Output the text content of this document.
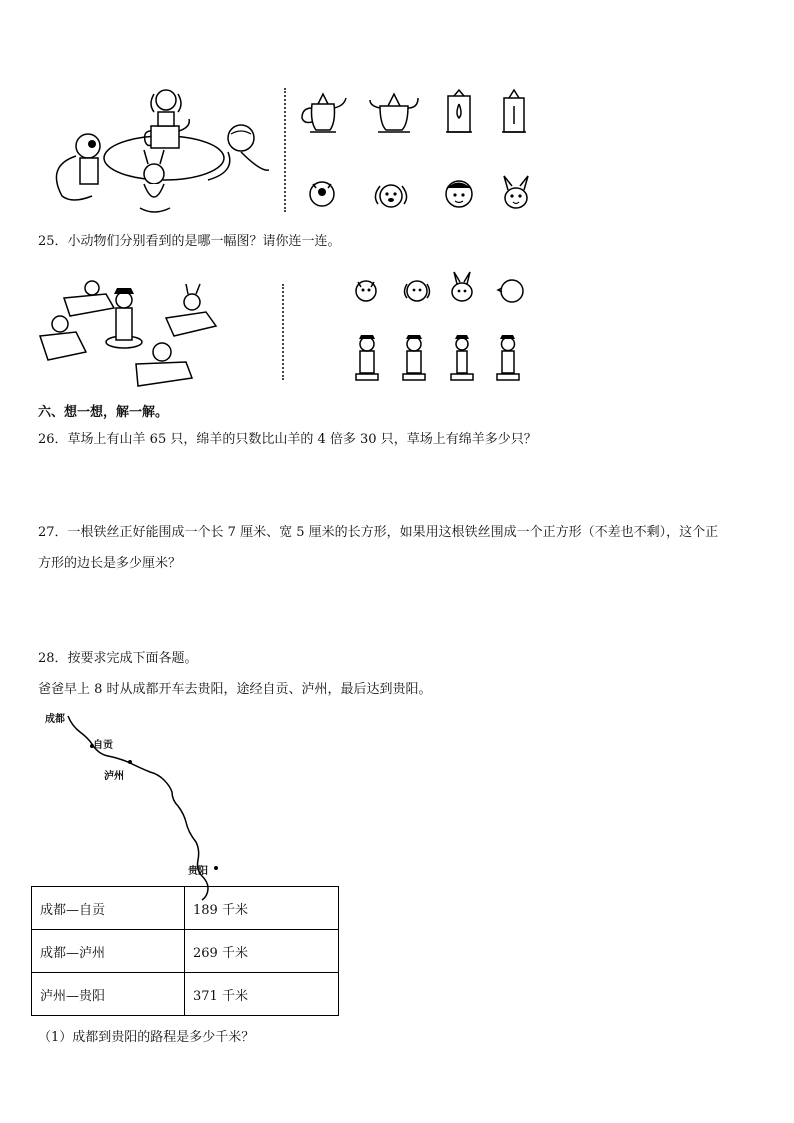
25．小动物们分别看到的是哪一幅图？请你连一连。
六、想一想，解一解。
26．草场上有山羊 65 只，绵羊的只数比山羊的 4 倍多 30 只，草场上有绵羊多少只？
27．一根铁丝正好能围成一个长 7 厘米、宽 5 厘米的长方形，如果用这根铁丝围成一个正方形（不差也不剩），这个正
方形的边长是多少厘米？
28．按要求完成下面各题。
爸爸早上 8 时从成都开车去贵阳，途经自贡、泸州，最后达到贵阳。
成都
自贡
泸州
贵阳
成都—自贡	189 千米
成都—泸州	269 千米
泸州—贵阳	371 千米
（1）成都到贵阳的路程是多少千米？
